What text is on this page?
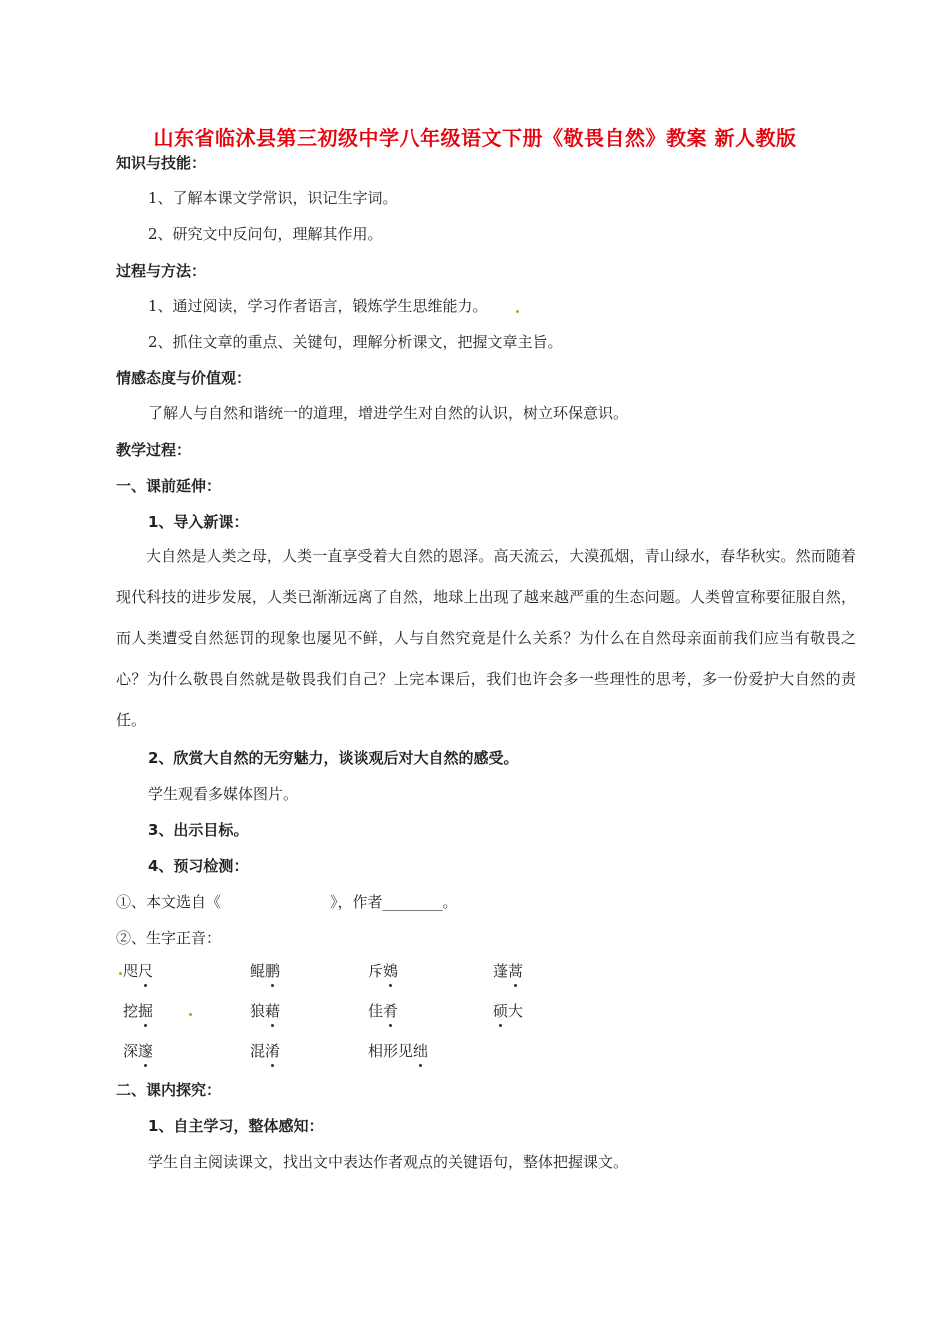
山东省临沭县第三初级中学八年级语文下册《敬畏自然》教案 新人教版
知识与技能：
1、了解本课文学常识，识记生字词。
2、研究文中反问句，理解其作用。
过程与方法：
1、通过阅读，学习作者语言，锻炼学生思维能力。
2、抓住文章的重点、关键句，理解分析课文，把握文章主旨。
情感态度与价值观：
了解人与自然和谐统一的道理，增进学生对自然的认识，树立环保意识。
教学过程：
一、课前延伸：
1、导入新课：

大自然是人类之母，人类一直享受着大自然的恩泽。高天流云，大漠孤烟，青山绿水，春华秋实。然而随着现代科技的进步发展，人类已渐渐远离了自然，地球上出现了越来越严重的生态问题。人类曾宣称要征服自然，而人类遭受自然惩罚的现象也屡见不鲜，人与自然究竟是什么关系？为什么在自然母亲面前我们应当有敬畏之心？为什么敬畏自然就是敬畏我们自己？上完本课后，我们也许会多一些理性的思考，多一份爱护大自然的责任。

2、欣赏大自然的无穷魅力，谈谈观后对大自然的感受。
学生观看多媒体图片。
3、出示目标。
4、预习检测：
①、本文选自《	》，作者________。
②、生字正音：
咫尺	鲲鹏	斥鴳	蓬蒿
挖掘	狼藉	佳肴	硕大
深邃	混淆	相形见绌
二、课内探究：
1、自主学习，整体感知：
学生自主阅读课文，找出文中表达作者观点的关键语句，整体把握课文。
